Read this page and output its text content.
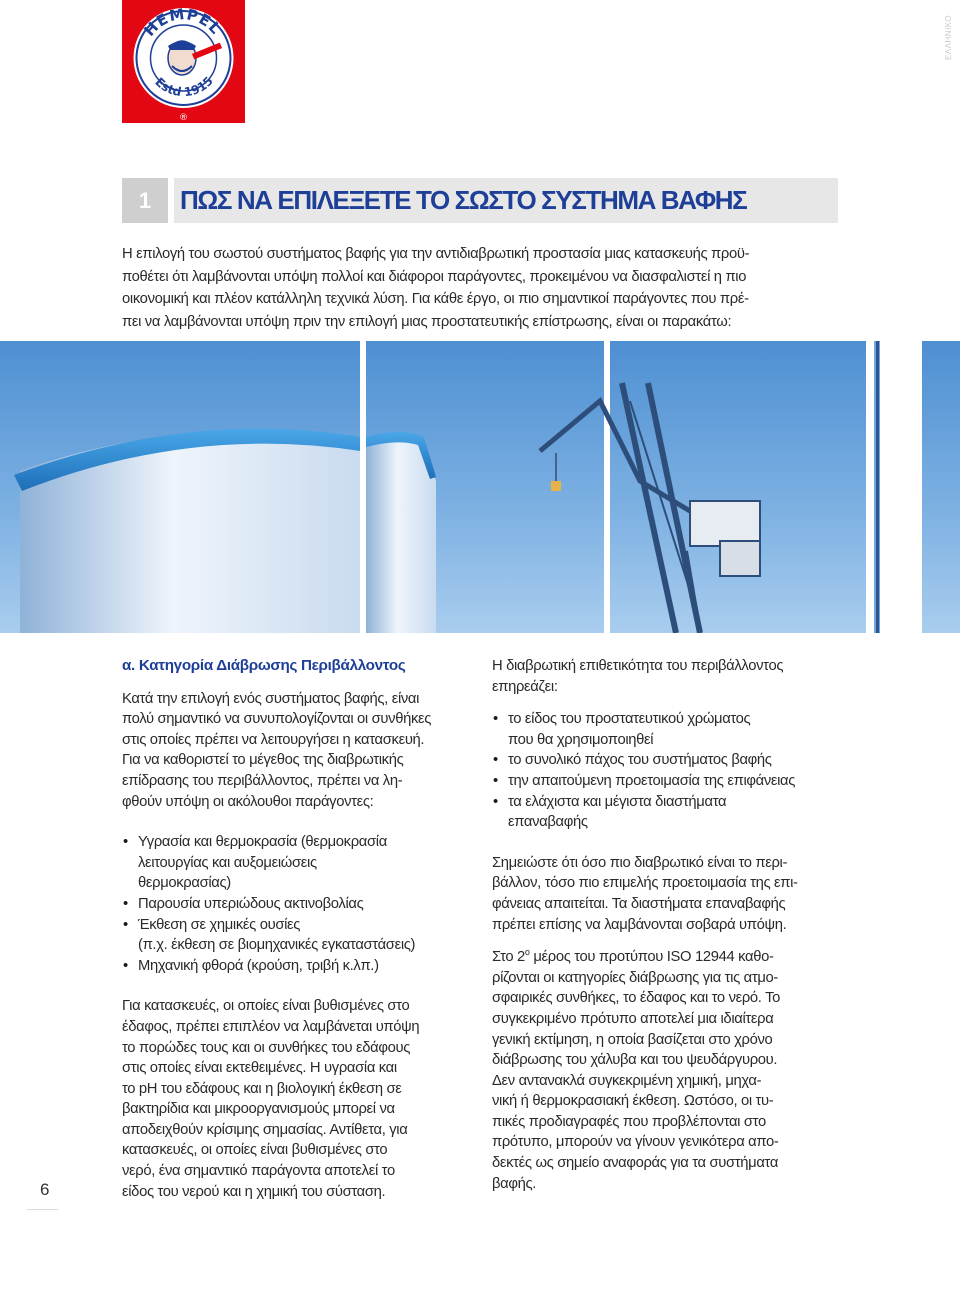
HEMPEL
Estd 1915
®
ΕΛΛΗΝΙΚΟ
1	ΠΩΣ ΝΑ ΕΠΙΛΕΞΕΤΕ ΤΟ ΣΩΣΤΟ ΣΥΣΤΗΜΑ ΒΑΦΗΣ
Η επιλογή του σωστού συστήματος βαφής για την αντιδιαβρωτική προστασία μιας κατασκευής προϋ-
ποθέτει ότι λαμβάνονται υπόψη πολλοί και διάφοροι παράγοντες, προκειμένου να διασφαλιστεί η πιο
οικονομική και πλέον κατάλληλη τεχνικά λύση. Για κάθε έργο, οι πιο σημαντικοί παράγοντες που πρέ-
πει να λαμβάνονται υπόψη πριν την επιλογή μιας προστατευτικής επίστρωσης, είναι οι παρακάτω:
6
α. Κατηγορία Διάβρωσης Περιβάλλοντος
Κατά την επιλογή ενός συστήματος βαφής, είναι
πολύ σημαντικό να συνυπολογίζονται οι συνθήκες
στις οποίες πρέπει να λειτουργήσει η κατασκευή.
Για να καθοριστεί το μέγεθος της διαβρωτικής
επίδρασης του περιβάλλοντος, πρέπει να λη-
φθούν υπόψη οι ακόλουθοι παράγοντες:
• Υγρασία και θερμοκρασία (θερμοκρασία
λειτουργίας και αυξομειώσεις
θερμοκρασίας)
• Παρουσία υπεριώδους ακτινοβολίας
• Έκθεση σε χημικές ουσίες
(π.χ. έκθεση σε βιομηχανικές εγκαταστάσεις)
• Μηχανική φθορά (κρούση, τριβή κ.λπ.)
Για κατασκευές, οι οποίες είναι βυθισμένες στο
έδαφος, πρέπει επιπλέον να λαμβάνεται υπόψη
το πορώδες τους και οι συνθήκες του εδάφους
στις οποίες είναι εκτεθειμένες. Η υγρασία και
το pH του εδάφους και η βιολογική έκθεση σε
βακτηρίδια και μικροοργανισμούς μπορεί να
αποδειχθούν κρίσιμης σημασίας. Αντίθετα, για
κατασκευές, οι οποίες είναι βυθισμένες στο
νερό, ένα σημαντικό παράγοντα αποτελεί το
είδος του νερού και η χημική του σύσταση.
Η διαβρωτική επιθετικότητα του περιβάλλοντος
επηρεάζει:
• το είδος του προστατευτικού χρώματος
που θα χρησιμοποιηθεί
• το συνολικό πάχος του συστήματος βαφής
• την απαιτούμενη προετοιμασία της επιφάνειας
• τα ελάχιστα και μέγιστα διαστήματα
επαναβαφής
Σημειώστε ότι όσο πιο διαβρωτικό είναι το περι-
βάλλον, τόσο πιο επιμελής προετοιμασία της επι-
φάνειας απαιτείται. Τα διαστήματα επαναβαφής
πρέπει επίσης να λαμβάνονται σοβαρά υπόψη.
Στο $2^o$ μέρος του προτύπου ISO 12944 καθο-
ρίζονται οι κατηγορίες διάβρωσης για τις ατμο-
σφαιρικές συνθήκες, το έδαφος και το νερό. Το
συγκεκριμένο πρότυπο αποτελεί μια ιδιαίτερα
γενική εκτίμηση, η οποία βασίζεται στο χρόνο
διάβρωσης του χάλυβα και του ψευδάργυρου.
Δεν αντανακλά συγκεκριμένη χημική, μηχα-
νική ή θερμοκρασιακή έκθεση. Ωστόσο, οι τυ-
πικές προδιαγραφές που προβλέπονται στο
πρότυπο, μπορούν να γίνουν γενικότερα απο-
δεκτές ως σημείο αναφοράς για τα συστήματα
βαφής.
